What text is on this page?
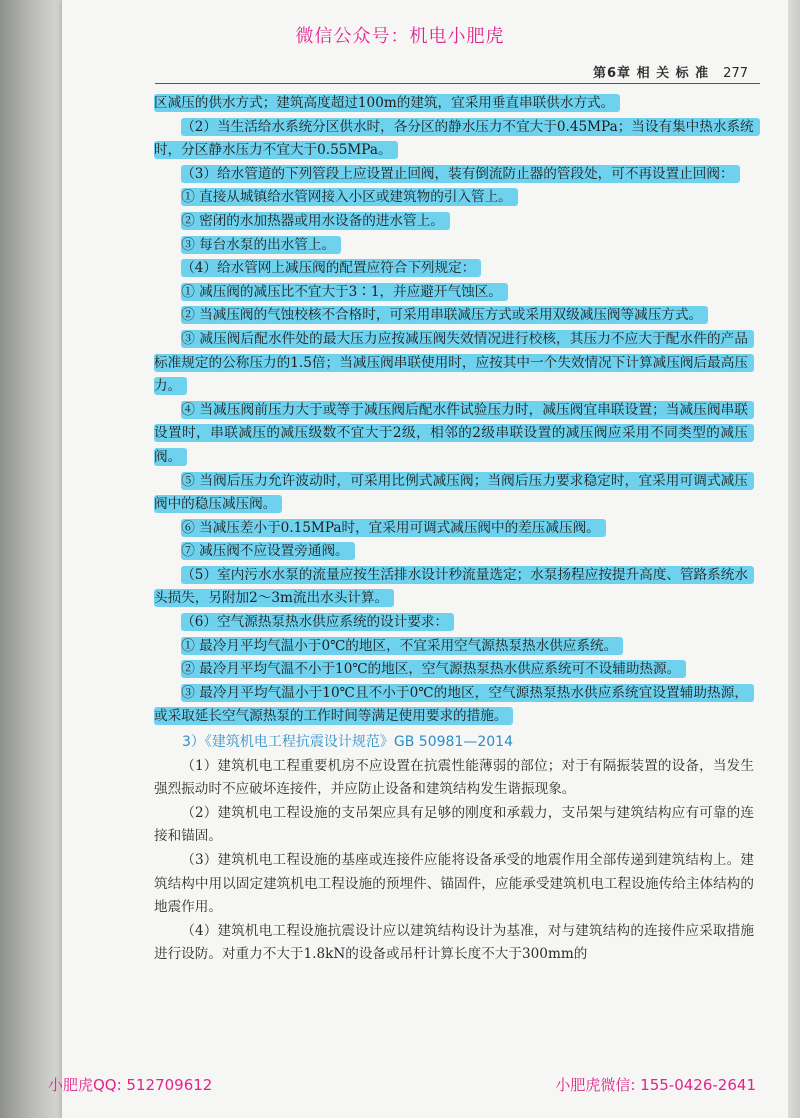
微信公众号：机电小肥虎
第6章 相 关 标 准 277

区减压的供水方式；建筑高度超过100m的建筑，宜采用垂直串联供水方式。

（2）当生活给水系统分区供水时，各分区的静水压力不宜大于0.45MPa；当设有集中热水系统时，分区静水压力不宜大于0.55MPa。

（3）给水管道的下列管段上应设置止回阀，装有倒流防止器的管段处，可不再设置止回阀：

① 直接从城镇给水管网接入小区或建筑物的引入管上。

② 密闭的水加热器或用水设备的进水管上。

③ 每台水泵的出水管上。

（4）给水管网上减压阀的配置应符合下列规定：

① 减压阀的减压比不宜大于3∶1，并应避开气蚀区。

② 当减压阀的气蚀校核不合格时，可采用串联减压方式或采用双级减压阀等减压方式。

③ 减压阀后配水件处的最大压力应按减压阀失效情况进行校核，其压力不应大于配水件的产品标准规定的公称压力的1.5倍；当减压阀串联使用时，应按其中一个失效情况下计算减压阀后最高压力。

④ 当减压阀前压力大于或等于减压阀后配水件试验压力时，减压阀宜串联设置；当减压阀串联设置时，串联减压的减压级数不宜大于2级，相邻的2级串联设置的减压阀应采用不同类型的减压阀。

⑤ 当阀后压力允许波动时，可采用比例式减压阀；当阀后压力要求稳定时，宜采用可调式减压阀中的稳压减压阀。

⑥ 当减压差小于0.15MPa时，宜采用可调式减压阀中的差压减压阀。

⑦ 减压阀不应设置旁通阀。

（5）室内污水水泵的流量应按生活排水设计秒流量选定；水泵扬程应按提升高度、管路系统水头损失，另附加2～3m流出水头计算。

（6）空气源热泵热水供应系统的设计要求：

① 最冷月平均气温小于0℃的地区，不宜采用空气源热泵热水供应系统。

② 最冷月平均气温不小于10℃的地区，空气源热泵热水供应系统可不设辅助热源。

③ 最冷月平均气温小于10℃且不小于0℃的地区，空气源热泵热水供应系统宜设置辅助热源，或采取延长空气源热泵的工作时间等满足使用要求的措施。

3）《建筑机电工程抗震设计规范》GB 50981—2014

（1）建筑机电工程重要机房不应设置在抗震性能薄弱的部位；对于有隔振装置的设备，当发生强烈振动时不应破坏连接件，并应防止设备和建筑结构发生谐振现象。

（2）建筑机电工程设施的支吊架应具有足够的刚度和承载力，支吊架与建筑结构应有可靠的连接和锚固。

（3）建筑机电工程设施的基座或连接件应能将设备承受的地震作用全部传递到建筑结构上。建筑结构中用以固定建筑机电工程设施的预埋件、锚固件，应能承受建筑机电工程设施传给主体结构的地震作用。

（4）建筑机电工程设施抗震设计应以建筑结构设计为基准，对与建筑结构的连接件应采取措施进行设防。对重力不大于1.8kN的设备或吊杆计算长度不大于300mm的

小肥虎QQ: 512709612	小肥虎微信: 155-0426-2641
